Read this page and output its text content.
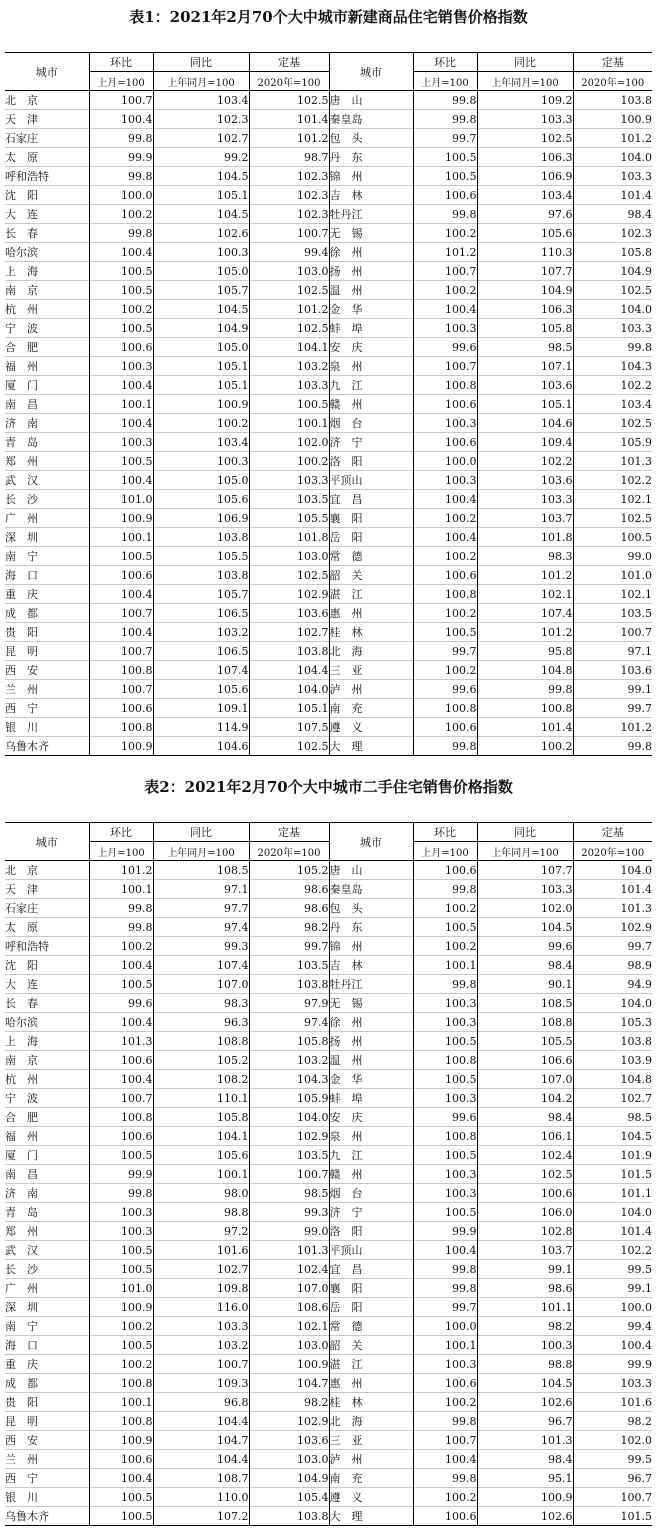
表1：2021年2月70个大中城市新建商品住宅销售价格指数
城市	环比	同比	定基	城市	环比	同比	定基
	上月=100	上年同月=100	2020年=100		上月=100	上年同月=100	2020年=100
北　京	100.7	103.4	102.5	唐　山	99.8	109.2	103.8
天　津	100.4	102.3	101.4	秦皇岛	99.8	103.3	100.9
石家庄	99.8	102.7	101.2	包　头	99.7	102.5	101.2
太　原	99.9	99.2	98.7	丹　东	100.5	106.3	104.0
呼和浩特	99.8	104.5	102.3	锦　州	100.5	106.9	103.3
沈　阳	100.0	105.1	102.3	吉　林	100.6	103.4	101.4
大　连	100.2	104.5	102.3	牡丹江	99.8	97.6	98.4
长　春	99.8	102.6	100.7	无　锡	100.2	105.6	102.3
哈尔滨	100.4	100.3	99.4	徐　州	101.2	110.3	105.8
上　海	100.5	105.0	103.0	扬　州	100.7	107.7	104.9
南　京	100.5	105.7	102.5	温　州	100.2	104.9	102.5
杭　州	100.2	104.5	101.2	金　华	100.4	106.3	104.0
宁　波	100.5	104.9	102.5	蚌　埠	100.3	105.8	103.3
合　肥	100.6	105.0	104.1	安　庆	99.6	98.5	99.8
福　州	100.3	105.1	103.2	泉　州	100.7	107.1	104.3
厦　门	100.4	105.1	103.3	九　江	100.8	103.6	102.2
南　昌	100.1	100.9	100.5	赣　州	100.6	105.1	103.4
济　南	100.4	100.2	100.1	烟　台	100.3	104.6	102.5
青　岛	100.3	103.4	102.0	济　宁	100.6	109.4	105.9
郑　州	100.5	100.3	100.2	洛　阳	100.0	102.2	101.3
武　汉	100.4	105.0	103.3	平顶山	100.3	103.6	102.2
长　沙	101.0	105.6	103.5	宜　昌	100.4	103.3	102.1
广　州	100.9	106.9	105.5	襄　阳	100.2	103.7	102.5
深　圳	100.1	103.8	101.8	岳　阳	100.4	101.8	100.5
南　宁	100.5	105.5	103.0	常　德	100.2	98.3	99.0
海　口	100.6	103.8	102.5	韶　关	100.6	101.2	101.0
重　庆	100.4	105.7	102.9	湛　江	100.8	102.1	102.1
成　都	100.7	106.5	103.6	惠　州	100.2	107.4	103.5
贵　阳	100.4	103.2	102.7	桂　林	100.5	101.2	100.7
昆　明	100.7	106.5	103.8	北　海	99.7	95.8	97.1
西　安	100.8	107.4	104.4	三　亚	100.2	104.8	103.6
兰　州	100.7	105.6	104.0	泸　州	99.6	99.8	99.1
西　宁	100.6	109.1	105.1	南　充	100.8	100.8	99.7
银　川	100.8	114.9	107.5	遵　义	100.6	101.4	101.2
乌鲁木齐	100.9	104.6	102.5	大　理	99.8	100.2	99.8
表2：2021年2月70个大中城市二手住宅销售价格指数
城市	环比	同比	定基	城市	环比	同比	定基
	上月=100	上年同月=100	2020年=100		上月=100	上年同月=100	2020年=100
北　京	101.2	108.5	105.2	唐　山	100.6	107.7	104.0
天　津	100.1	97.1	98.6	秦皇岛	99.8	103.3	101.4
石家庄	99.8	97.7	98.6	包　头	100.2	102.0	101.3
太　原	99.8	97.4	98.2	丹　东	100.5	104.5	102.9
呼和浩特	100.2	99.3	99.7	锦　州	100.2	99.6	99.7
沈　阳	100.4	107.4	103.5	吉　林	100.1	98.4	98.9
大　连	100.5	107.0	103.8	牡丹江	99.8	90.1	94.9
长　春	99.6	98.3	97.9	无　锡	100.3	108.5	104.0
哈尔滨	100.4	96.3	97.4	徐　州	100.3	108.8	105.3
上　海	101.3	108.8	105.8	扬　州	100.5	105.5	103.8
南　京	100.6	105.2	103.2	温　州	100.8	106.6	103.9
杭　州	100.4	108.2	104.3	金　华	100.5	107.0	104.8
宁　波	100.7	110.1	105.9	蚌　埠	100.3	104.2	102.7
合　肥	100.8	105.8	104.0	安　庆	99.6	98.4	98.5
福　州	100.6	104.1	102.9	泉　州	100.8	106.1	104.5
厦　门	100.5	105.6	103.5	九　江	100.5	102.4	101.9
南　昌	99.9	100.1	100.7	赣　州	100.3	102.5	101.5
济　南	99.8	98.0	98.5	烟　台	100.3	100.6	101.1
青　岛	100.3	98.8	99.3	济　宁	100.5	106.0	104.0
郑　州	100.3	97.2	99.0	洛　阳	99.9	102.8	101.4
武　汉	100.5	101.6	101.3	平顶山	100.4	103.7	102.2
长　沙	100.5	102.7	102.4	宜　昌	99.8	99.1	99.5
广　州	101.0	109.8	107.0	襄　阳	99.8	98.6	99.1
深　圳	100.9	116.0	108.6	岳　阳	99.7	101.1	100.0
南　宁	100.2	103.3	102.1	常　德	100.0	98.2	99.4
海　口	100.5	103.2	103.0	韶　关	100.1	100.3	100.4
重　庆	100.2	100.7	100.9	湛　江	100.3	98.8	99.9
成　都	100.8	109.3	104.7	惠　州	100.6	104.5	103.3
贵　阳	100.1	96.8	98.2	桂　林	100.2	102.6	101.6
昆　明	100.8	104.4	102.9	北　海	99.8	96.7	98.2
西　安	100.9	104.7	103.6	三　亚	100.7	101.3	102.0
兰　州	100.6	104.4	103.0	泸　州	100.4	98.4	99.5
西　宁	100.4	108.7	104.9	南　充	99.8	95.1	96.7
银　川	100.5	110.0	105.4	遵　义	100.2	100.9	100.7
乌鲁木齐	100.5	107.2	103.8	大　理	100.6	102.6	101.5
